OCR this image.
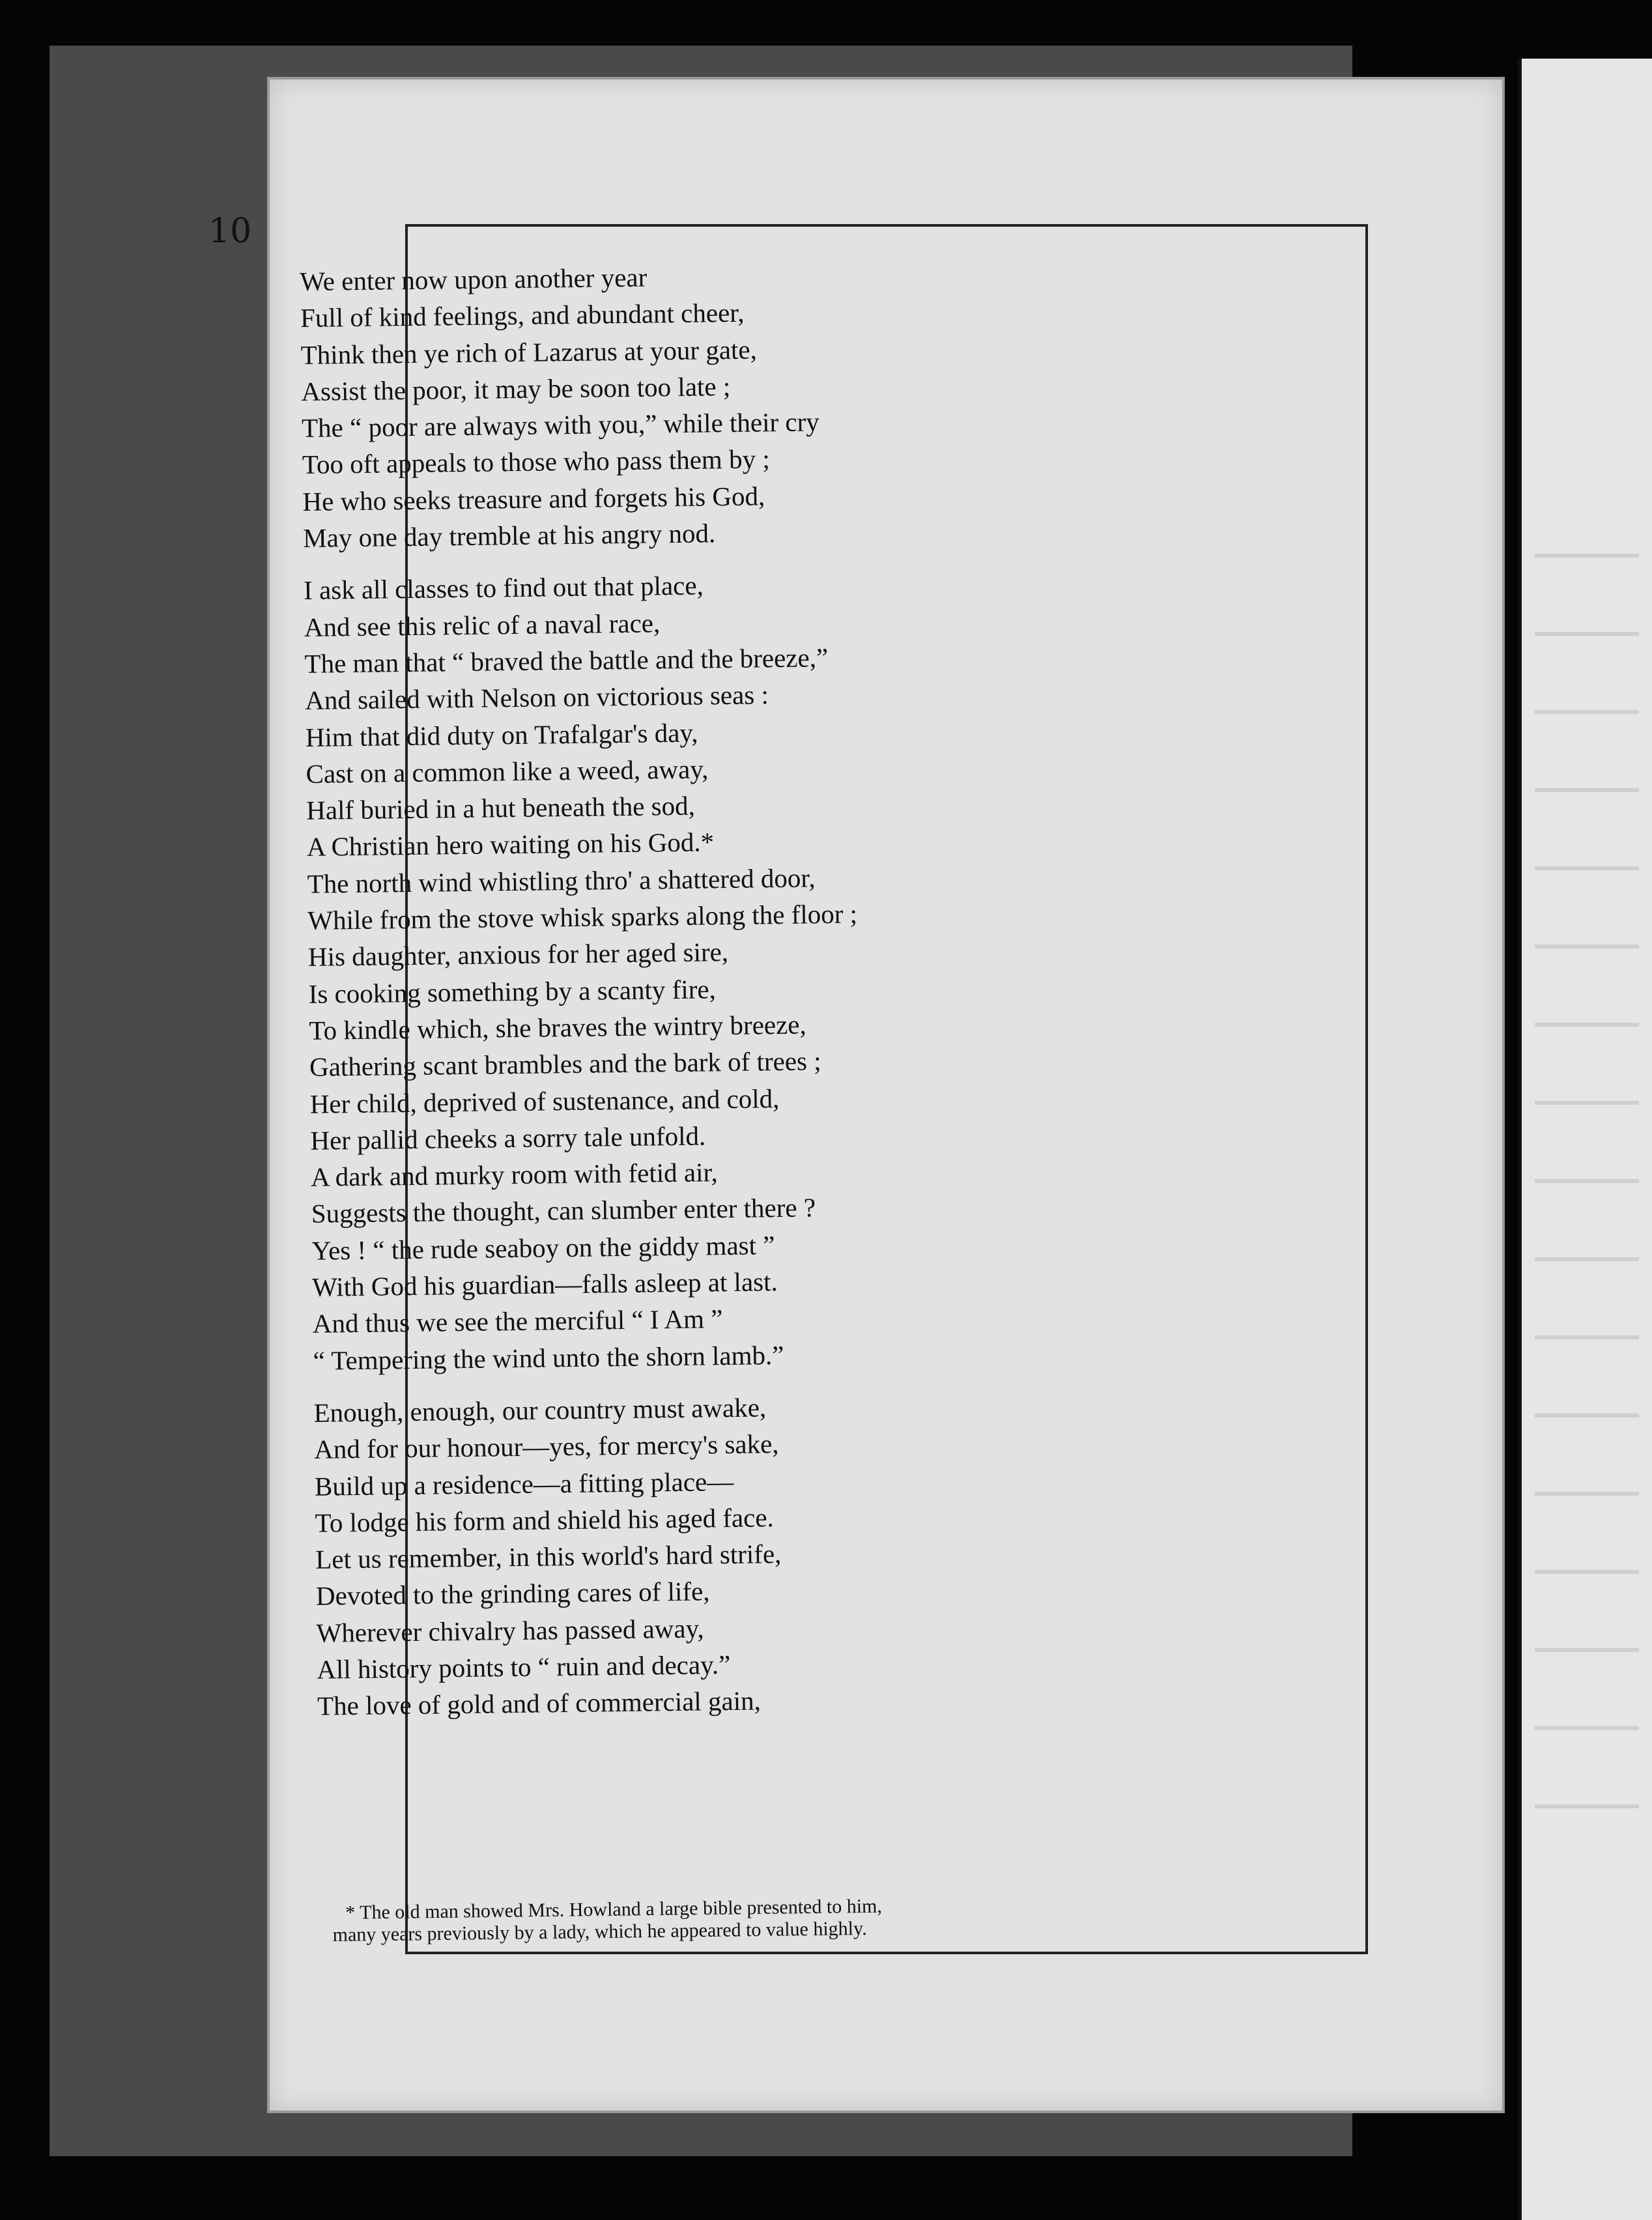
10
We enter now upon another year
Full of kind feelings, and abundant cheer,
Think then ye rich of Lazarus at your gate,
Assist the poor, it may be soon too late ;
The “ poor are always with you,” while their cry
Too oft appeals to those who pass them by ;
He who seeks treasure and forgets his God,
May one day tremble at his angry nod.
I ask all classes to find out that place,
And see this relic of a naval race,
The man that “ braved the battle and the breeze,”
And sailed with Nelson on victorious seas :
Him that did duty on Trafalgar's day,
Cast on a common like a weed, away,
Half buried in a hut beneath the sod,
A Christian hero waiting on his God.*
The north wind whistling thro' a shattered door,
While from the stove whisk sparks along the floor ;
His daughter, anxious for her aged sire,
Is cooking something by a scanty fire,
To kindle which, she braves the wintry breeze,
Gathering scant brambles and the bark of trees ;
Her child, deprived of sustenance, and cold,
Her pallid cheeks a sorry tale unfold.
A dark and murky room with fetid air,
Suggests the thought, can slumber enter there ?
Yes ! “ the rude seaboy on the giddy mast ”
With God his guardian—falls asleep at last.
And thus we see the merciful “ I Am ”
“ Tempering the wind unto the shorn lamb.”
Enough, enough, our country must awake,
And for our honour—yes, for mercy's sake,
Build up a residence—a fitting place—
To lodge his form and shield his aged face.
Let us remember, in this world's hard strife,
Devoted to the grinding cares of life,
Wherever chivalry has passed away,
All history points to “ ruin and decay.”
The love of gold and of commercial gain,
* The old man showed Mrs. Howland a large bible presented to him,
many years previously by a lady, which he appeared to value highly.
